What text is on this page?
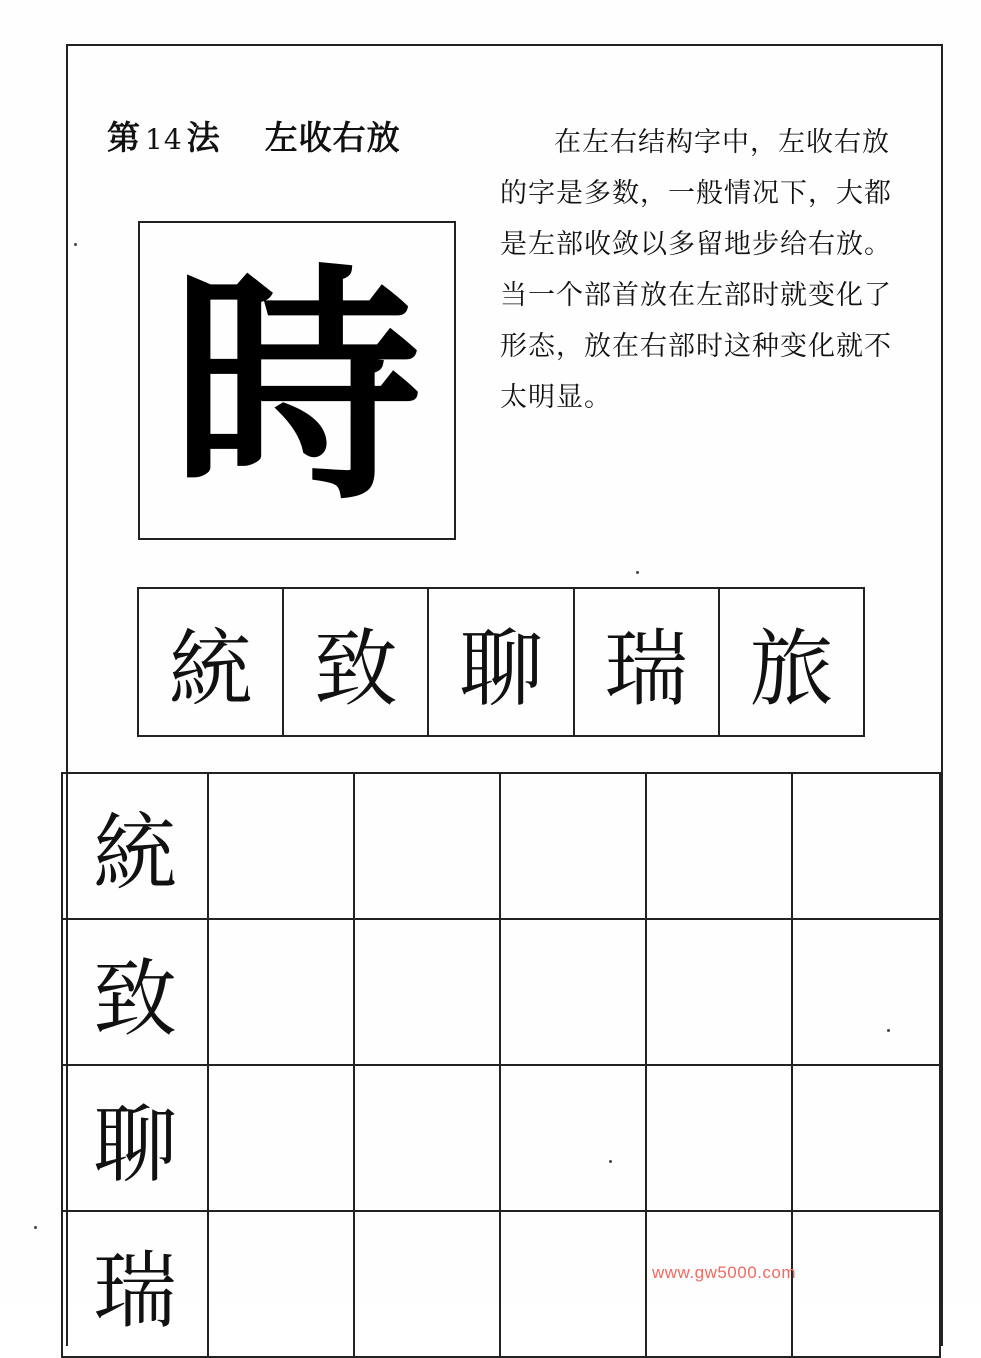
第 14 法 左收右放	在左右结构字中，左收右放的字是多数，一般情况下，大都是左部收敛以多留地步给右放。当一个部首放在左部时就变化了形态，放在右部时这种变化就不太明显。
時
統 致 聊 瑞 旅
統
致
聊
瑞	www.gw5000.com
